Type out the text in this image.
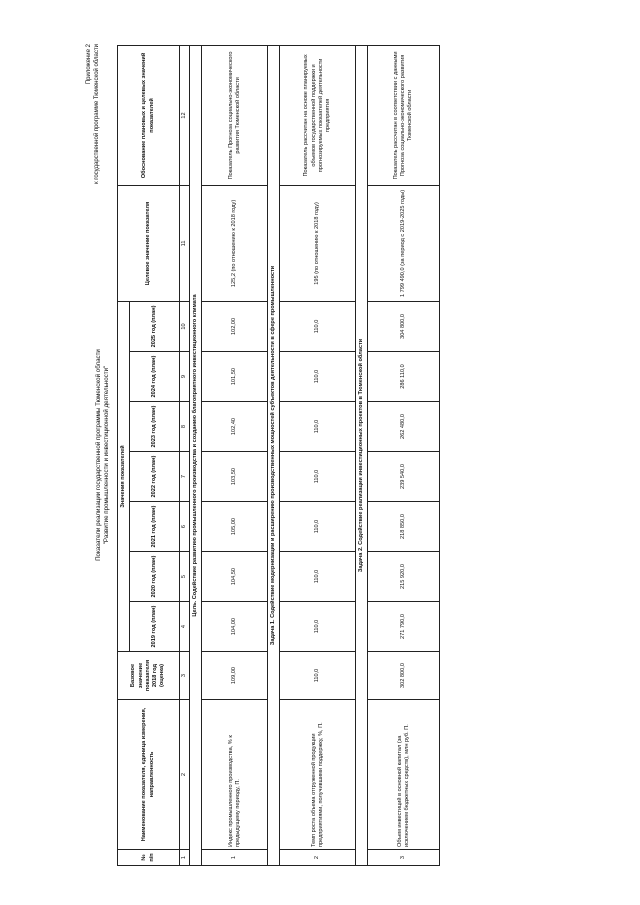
Приложение 2 к государственной программе Тюменской области
Показатели реализации государственной программы Тюменской области "Развитие промышленности и инвестиционной деятельности"
№ п/п	Наименование показателя, единица измерения, направленность	Базовое значение показателя 2018 год (оценка)	Значения показателей							Целевое значение показателя	Обоснование плановых и целевых значений показателей
			2019 год (план)	2020 год (план)	2021 год (план)	2022 год (план)	2023 год (план)	2024 год (план)	2025 год (план)		
1	2	3	4	5	6	7	8	9	10	11	12
Цель. Содействие развитию промышленного производства и созданию благоприятного инвестиционного климата											
1	Индекс промышленного производства, % к предыдущему периоду, П.	109,00	104,00	104,50	105,00	103,50	102,40	101,50	102,00	125,2 (по отношению к 2018 году)	Показатель Прогноза социально-экономического развития Тюменской области
Задача 1. Содействие модернизации и расширению производственных мощностей субъектов деятельности в сфере промышленности											
2	Темп роста объема отгруженной продукции предприятиями, получившими поддержку, %, П.	110,0	110,0	110,0	110,0	110,0	110,0	110,0	110,0	195 (по отношению к 2018 году)	Показатель рассчитан на основе планируемых объемов государственной поддержки и прогнозируемых показателей деятельности предприятия
Задача 2. Содействие реализации инвестиционных проектов в Тюменской области											
3	Объем инвестиций в основной капитал (за исключением бюджетных средств), млн руб. П.	302 800,0	271 790,0	215 920,0	218 850,0	239 540,0	262 480,0	286 110,0	304 800,0	1 799 490,0 (за период с 2019-2025 годы)	Показатель рассчитан в соответствии с данными Прогноза социально-экономического развития Тюменской области
